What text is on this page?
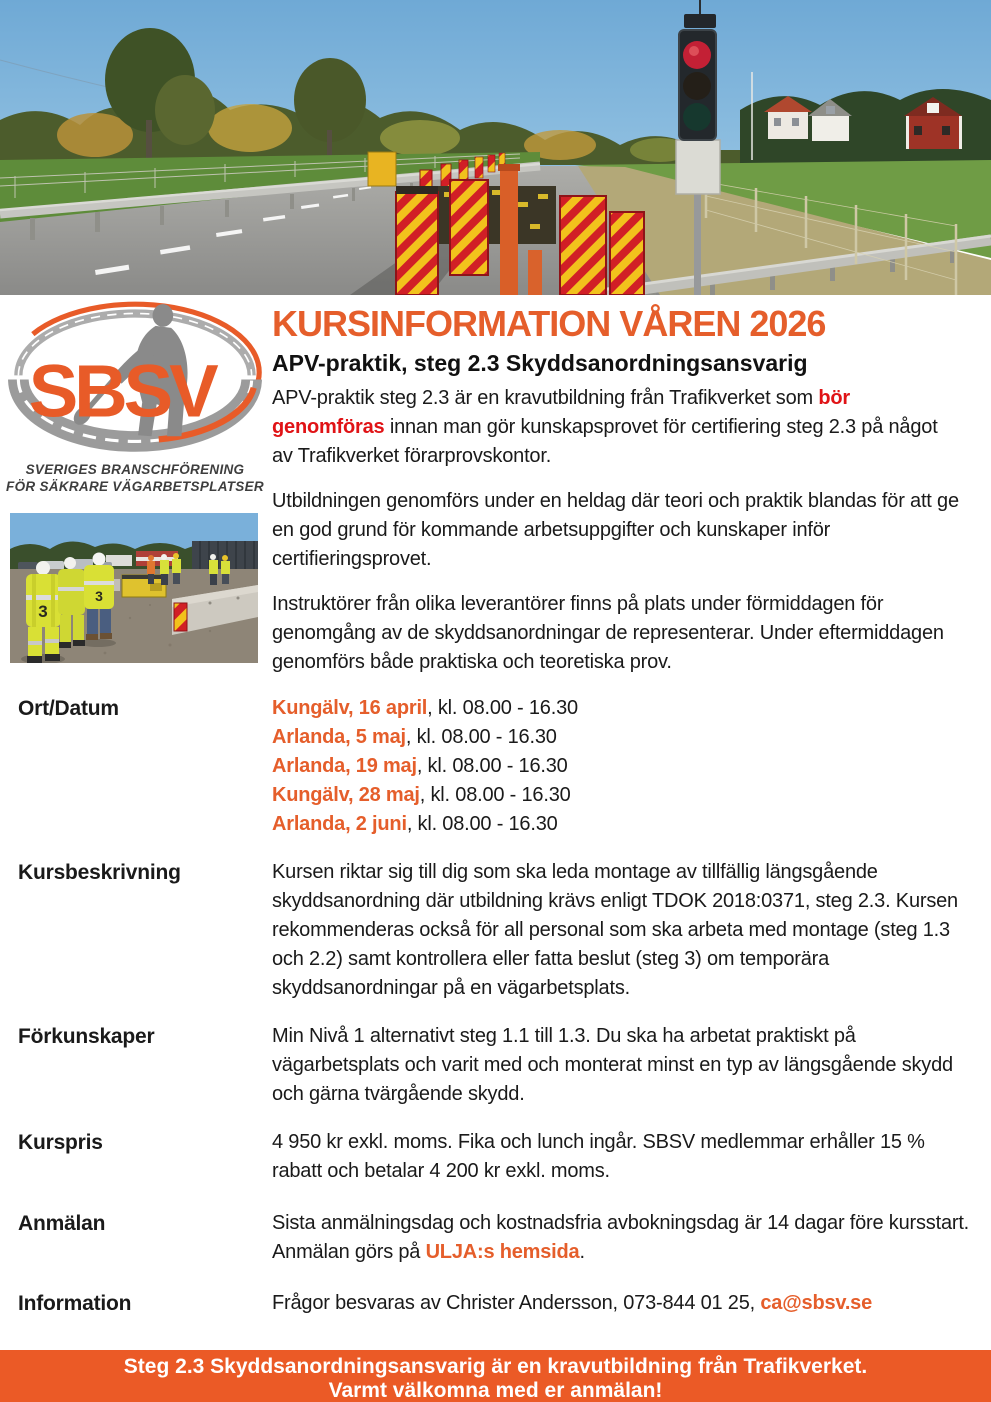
SBSV
SVERIGES BRANSCHFÖRENING
FÖR SÄKRARE VÄGARBETSPLATSER
KURSINFORMATION VÅREN 2026
APV-praktik, steg 2.3 Skyddsanordningsansvarig

APV-praktik steg 2.3 är en kravutbildning från Trafikverket som bör genomföras innan man gör kunskapsprovet för certifiering steg 2.3 på något av Trafikverket förarprovskontor.

Utbildningen genomförs under en heldag där teori och praktik blandas för att ge en god grund för kommande arbetsuppgifter och kunskaper inför certifieringsprovet.

Instruktörer från olika leverantörer finns på plats under förmiddagen för genomgång av de skyddsanordningar de representerar. Under eftermiddagen genomförs både praktiska och teoretiska prov.

3
3
Ort/Datum	Kungälv, 16 april, kl. 08.00 - 16.30
Arlanda, 5 maj, kl. 08.00 - 16.30
Arlanda, 19 maj, kl. 08.00 - 16.30
Kungälv, 28 maj, kl. 08.00 - 16.30
Arlanda, 2 juni, kl. 08.00 - 16.30
Kursbeskrivning	Kursen riktar sig till dig som ska leda montage av tillfällig längsgående skyddsanordning där utbildning krävs enligt TDOK 2018:0371, steg 2.3. Kursen rekommenderas också för all personal som ska arbeta med montage (steg 1.3 och 2.2) samt kontrollera eller fatta beslut (steg 3) om temporära skyddsanordningar på en vägarbetsplats.
Förkunskaper	Min Nivå 1 alternativt steg 1.1 till 1.3. Du ska ha arbetat praktiskt på vägarbetsplats och varit med och monterat minst en typ av längsgående skydd och gärna tvärgående skydd.
Kurspris	4 950 kr exkl. moms. Fika och lunch ingår. SBSV medlemmar erhåller 15 % rabatt och betalar 4 200 kr exkl. moms.
Anmälan	Sista anmälningsdag och kostnadsfria avbokningsdag är 14 dagar före kursstart. Anmälan görs på ULJA:s hemsida.
Information	Frågor besvaras av Christer Andersson, 073-844 01 25, ca@sbsv.se
Steg 2.3 Skyddsanordningsansvarig är en kravutbildning från Trafikverket.
Varmt välkomna med er anmälan!
